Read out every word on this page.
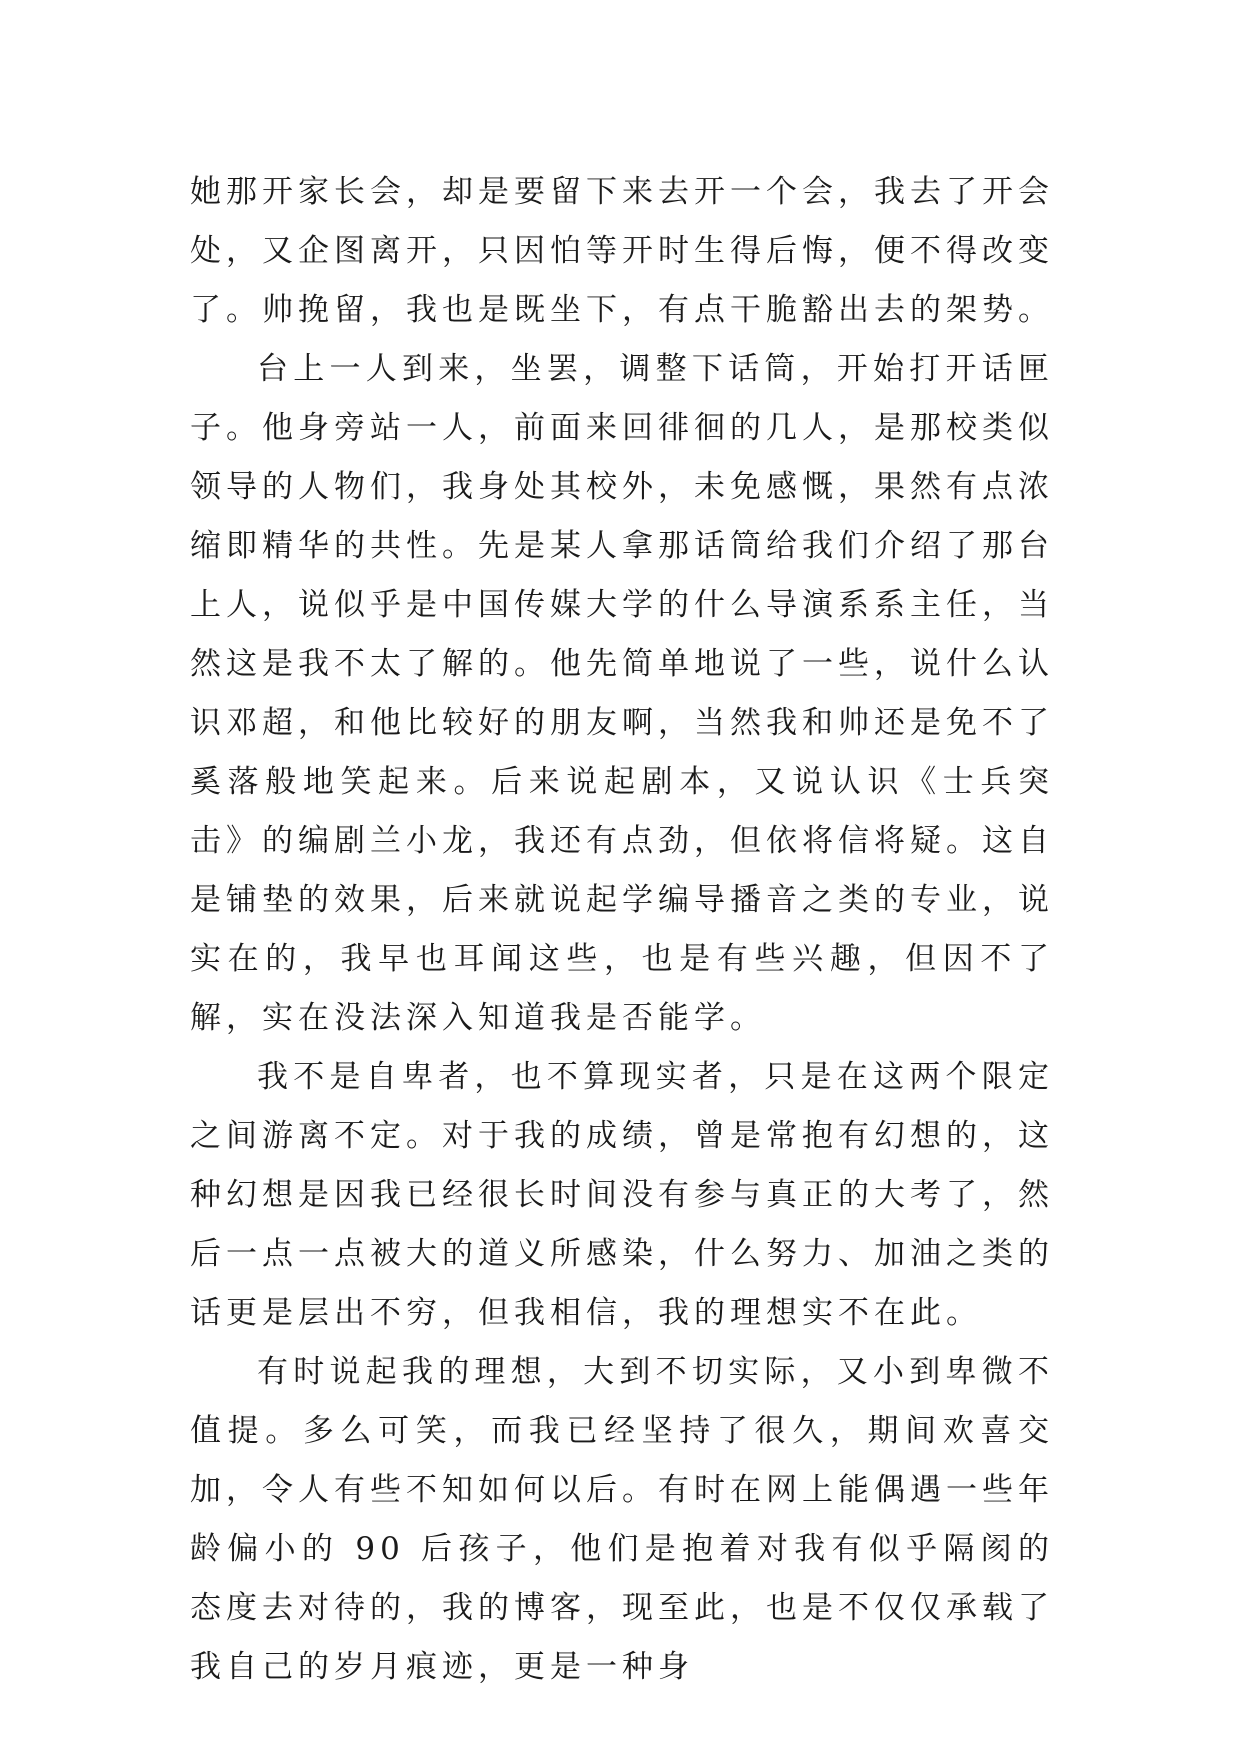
她那开家长会，却是要留下来去开一个会，我去了开会处，又企图离开，只因怕等开时生得后悔，便不得改变了。帅挽留，我也是既坐下，有点干脆豁出去的架势。

台上一人到来，坐罢，调整下话筒，开始打开话匣子。他身旁站一人，前面来回徘徊的几人，是那校类似领导的人物们，我身处其校外，未免感慨，果然有点浓缩即精华的共性。先是某人拿那话筒给我们介绍了那台上人，说似乎是中国传媒大学的什么导演系系主任，当然这是我不太了解的。他先简单地说了一些，说什么认识邓超，和他比较好的朋友啊，当然我和帅还是免不了奚落般地笑起来。后来说起剧本，又说认识《士兵突击》的编剧兰小龙，我还有点劲，但依将信将疑。这自是铺垫的效果，后来就说起学编导播音之类的专业，说实在的，我早也耳闻这些，也是有些兴趣，但因不了解，实在没法深入知道我是否能学。

我不是自卑者，也不算现实者，只是在这两个限定之间游离不定。对于我的成绩，曾是常抱有幻想的，这种幻想是因我已经很长时间没有参与真正的大考了，然后一点一点被大的道义所感染，什么努力、加油之类的话更是层出不穷，但我相信，我的理想实不在此。

有时说起我的理想，大到不切实际，又小到卑微不值提。多么可笑，而我已经坚持了很久，期间欢喜交加，令人有些不知如何以后。有时在网上能偶遇一些年龄偏小的 90 后孩子，他们是抱着对我有似乎隔阂的态度去对待的，我的博客，现至此，也是不仅仅承载了我自己的岁月痕迹，更是一种身
